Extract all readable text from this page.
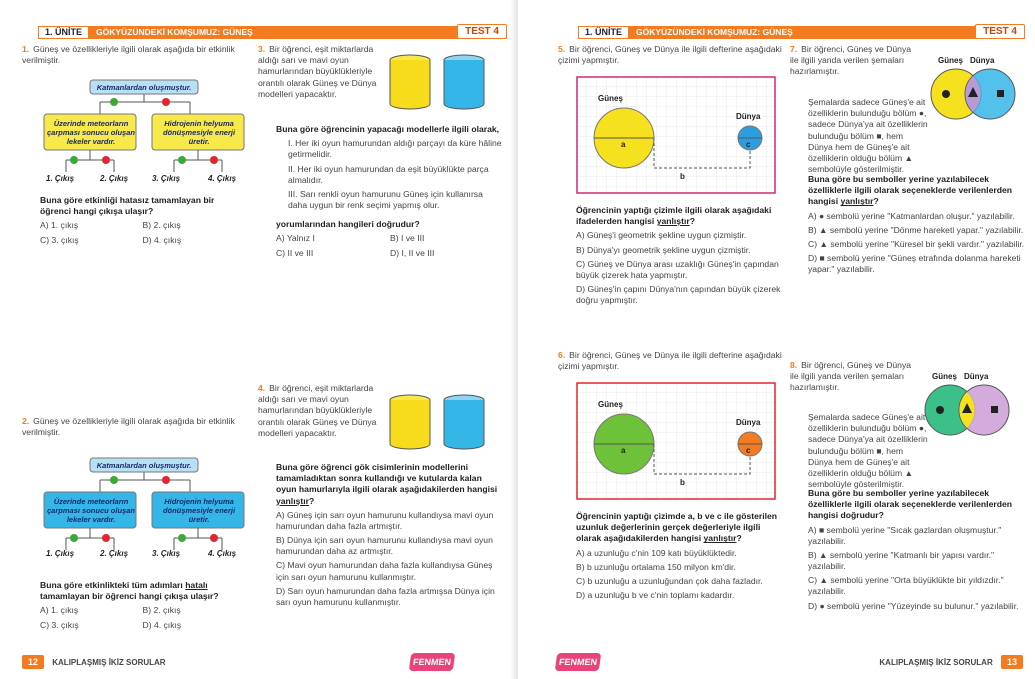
1. ÜNİTE	GÖKYÜZÜNDEKİ KOMŞUMUZ: GÜNEŞ	TEST 4
1. Güneş ve özellikleriyle ilgili olarak aşağıda bir etkinlik verilmiştir.
Katmanlardan oluşmuştur.
Üzerinde meteorların çarpması sonucu oluşan lekeler vardır.
Hidrojenin helyuma dönüşmesiyle enerji üretir.
1. Çıkış	2. Çıkış	3. Çıkış	4. Çıkış
Buna göre etkinliği hatasız tamamlayan bir öğrenci hangi çıkışa ulaşır?
A) 1. çıkış	B) 2. çıkış
C) 3. çıkış	D) 4. çıkış
2. Güneş ve özellikleriyle ilgili olarak aşağıda bir etkinlik verilmiştir.
Katmanlardan oluşmuştur.
Üzerinde meteorların çarpması sonucu oluşan lekeler vardır.
Hidrojenin helyuma dönüşmesiyle enerji üretir.
1. Çıkış	2. Çıkış	3. Çıkış	4. Çıkış
Buna göre etkinlikteki tüm adımları hatalı tamamlayan bir öğrenci hangi çıkışa ulaşır?
A) 1. çıkış	B) 2. çıkış
C) 3. çıkış	D) 4. çıkış
3. Bir öğrenci, eşit miktarlarda aldığı sarı ve mavi oyun hamurlarından büyüklükleriyle orantılı olarak Güneş ve Dünya modelleri yapacaktır.
Buna göre öğrencinin yapacağı modellerle ilgili olarak,
I. Her iki oyun hamurundan aldığı parçayı da küre hâline getirmelidir.
II. Her iki oyun hamurundan da eşit büyüklükte parça almalıdır.
III. Sarı renkli oyun hamurunu Güneş için kullanırsa daha uygun bir renk seçimi yapmış olur.
yorumlarından hangileri doğrudur?
A) Yalnız I	B) I ve III
C) II ve III	D) I, II ve III
4. Bir öğrenci, eşit miktarlarda aldığı sarı ve mavi oyun hamurlarından büyüklükleriyle orantılı olarak Güneş ve Dünya modelleri yapacaktır.
Buna göre öğrenci gök cisimlerinin modellerini tamamladıktan sonra kullandığı ve kutularda kalan oyun hamurlarıyla ilgili olarak aşağıdakilerden hangisi yanlıştır?
A) Güneş için sarı oyun hamurunu kullandıysa mavi oyun hamurundan daha fazla artmıştır.
B) Dünya için sarı oyun hamurunu kullandıysa mavi oyun hamurundan daha az artmıştır.
C) Mavi oyun hamurundan daha fazla kullandıysa Güneş için sarı oyun hamurunu kullanmıştır.
D) Sarı oyun hamurundan daha fazla artmışsa Dünya için sarı oyun hamurunu kullanmıştır.
12 KALIPLAŞMIŞ İKİZ SORULAR	FENMEN
1. ÜNİTE	GÖKYÜZÜNDEKİ KOMŞUMUZ: GÜNEŞ	TEST 4
5. Bir öğrenci, Güneş ve Dünya ile ilgili defterine aşağıdaki çizimi yapmıştır.
Güneş
Dünya
a
b
c
Öğrencinin yaptığı çizimle ilgili olarak aşağıdaki ifadelerden hangisi yanlıştır?
A) Güneş'i geometrik şekline uygun çizmiştir.
B) Dünya'yı geometrik şekline uygun çizmiştir.
C) Güneş ve Dünya arası uzaklığı Güneş'in çapından büyük çizerek hata yapmıştır.
D) Güneş'in çapını Dünya'nın çapından büyük çizerek doğru yapmıştır.
6. Bir öğrenci, Güneş ve Dünya ile ilgili defterine aşağıdaki çizimi yapmıştır.
Güneş
Dünya
a
b
c
Öğrencinin yaptığı çizimde a, b ve c ile gösterilen uzunluk değerlerinin gerçek değerleriyle ilgili olarak aşağıdakilerden hangisi yanlıştır?
A) a uzunluğu c'nin 109 katı büyüklüktedir.
B) b uzunluğu ortalama 150 milyon km'dir.
C) b uzunluğu a uzunluğundan çok daha fazladır.
D) a uzunluğu b ve c'nin toplamı kadardır.
7. Bir öğrenci, Güneş ve Dünya ile ilgili yanda verilen şemaları hazırlamıştır.
Güneş Dünya
Şemalarda sadece Güneş'e ait özelliklerin bulunduğu bölüm ●, sadece Dünya'ya ait özelliklerin bulunduğu bölüm ■, hem Dünya hem de Güneş'e ait özelliklerin olduğu bölüm ▲ sembolüyle gösterilmiştir.
Buna göre bu semboller yerine yazılabilecek özelliklerle ilgili olarak seçeneklerde verilenlerden hangisi yanlıştır?
A) ● sembolü yerine "Katmanlardan oluşur." yazılabilir.
B) ▲ sembolü yerine "Dönme hareketi yapar." yazılabilir.
C) ▲ sembolü yerine "Küresel bir şekli vardır." yazılabilir.
D) ■ sembolü yerine "Güneş etrafında dolanma hareketi yapar." yazılabilir.
8. Bir öğrenci, Güneş ve Dünya ile ilgili yanda verilen şemaları hazırlamıştır.
Güneş Dünya
Şemalarda sadece Güneş'e ait özelliklerin bulunduğu bölüm ●, sadece Dünya'ya ait özelliklerin bulunduğu bölüm ■, hem Dünya hem de Güneş'e ait özelliklerin olduğu bölüm ▲ sembolüyle gösterilmiştir.
Buna göre bu semboller yerine yazılabilecek özelliklerle ilgili olarak seçeneklerde verilenlerden hangisi doğrudur?
A) ■ sembolü yerine "Sıcak gazlardan oluşmuştur." yazılabilir.
B) ▲ sembolü yerine "Katmanlı bir yapısı vardır." yazılabilir.
C) ▲ sembolü yerine "Orta büyüklükte bir yıldızdır." yazılabilir.
D) ● sembolü yerine "Yüzeyinde su bulunur." yazılabilir.
FENMEN	KALIPLAŞMIŞ İKİZ SORULAR 13
